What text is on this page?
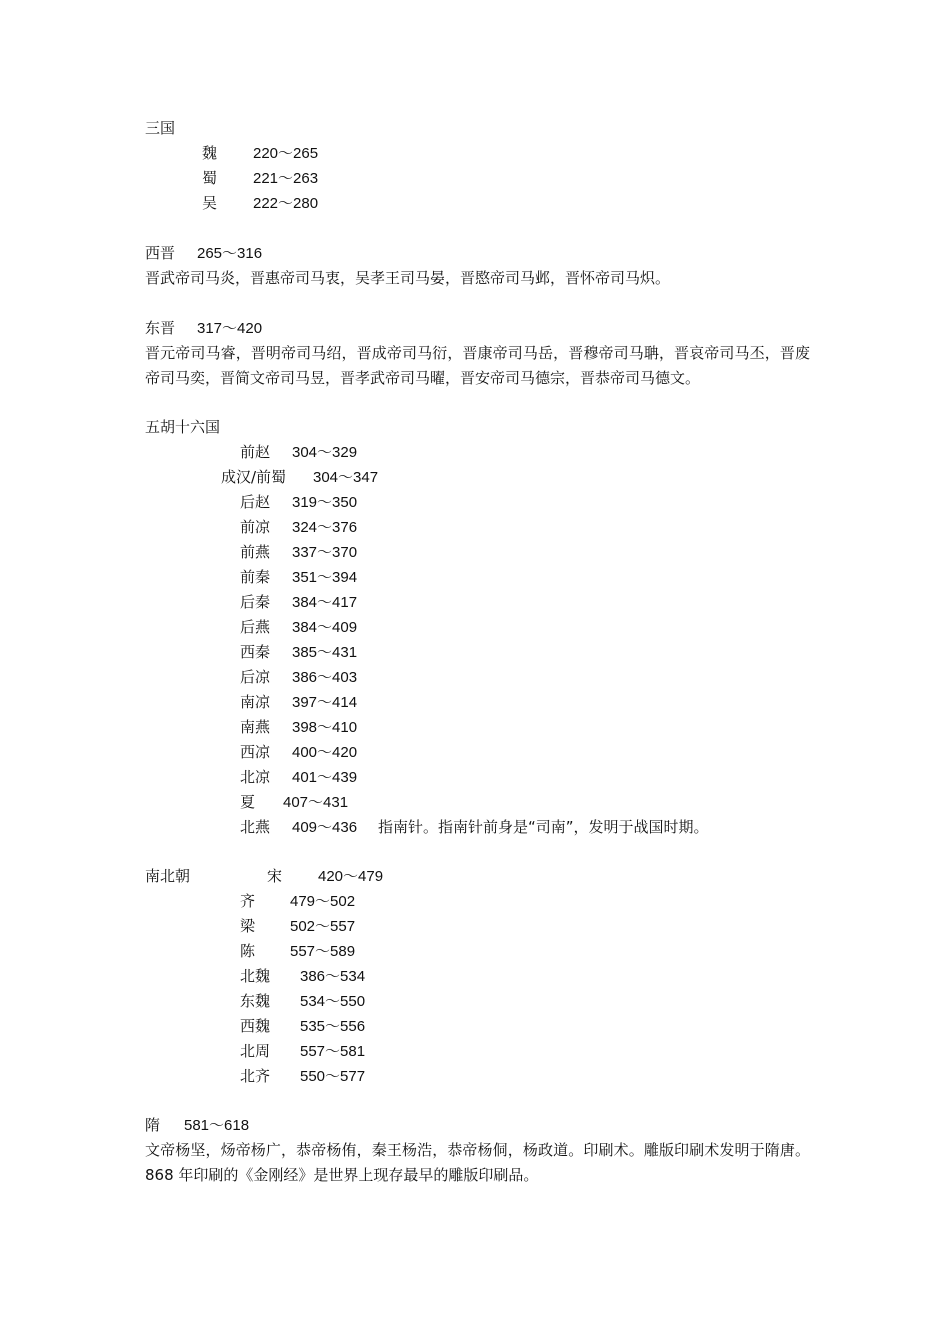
三国
魏 220～265
蜀 221～263
吴 222～280
西晋 265～316
晋武帝司马炎，晋惠帝司马衷，吴孝王司马晏，晋愍帝司马邺，晋怀帝司马炽。
东晋 317～420
晋元帝司马睿，晋明帝司马绍，晋成帝司马衍，晋康帝司马岳，晋穆帝司马聃，晋哀帝司马丕，晋废帝司马奕，晋简文帝司马昱，晋孝武帝司马曜，晋安帝司马德宗，晋恭帝司马德文。
五胡十六国
前赵 304～329
成汉/前蜀 304～347
后赵 319～350
前凉 324～376
前燕 337～370
前秦 351～394
后秦 384～417
后燕 384～409
西秦 385～431
后凉 386～403
南凉 397～414
南燕 398～410
西凉 400～420
北凉 401～439
夏 407～431
北燕 409～436 指南针。指南针前身是“司南”，发明于战国时期。
南北朝	宋 420～479
齐 479～502
梁 502～557
陈 557～589
北魏 386～534
东魏 534～550
西魏 535～556
北周 557～581
北齐 550～577
隋 581～618
文帝杨坚，炀帝杨广，恭帝杨侑，秦王杨浩，恭帝杨侗，杨政道。印刷术。雕版印刷术发明于隋唐。868 年印刷的《金刚经》是世界上现存最早的雕版印刷品。
